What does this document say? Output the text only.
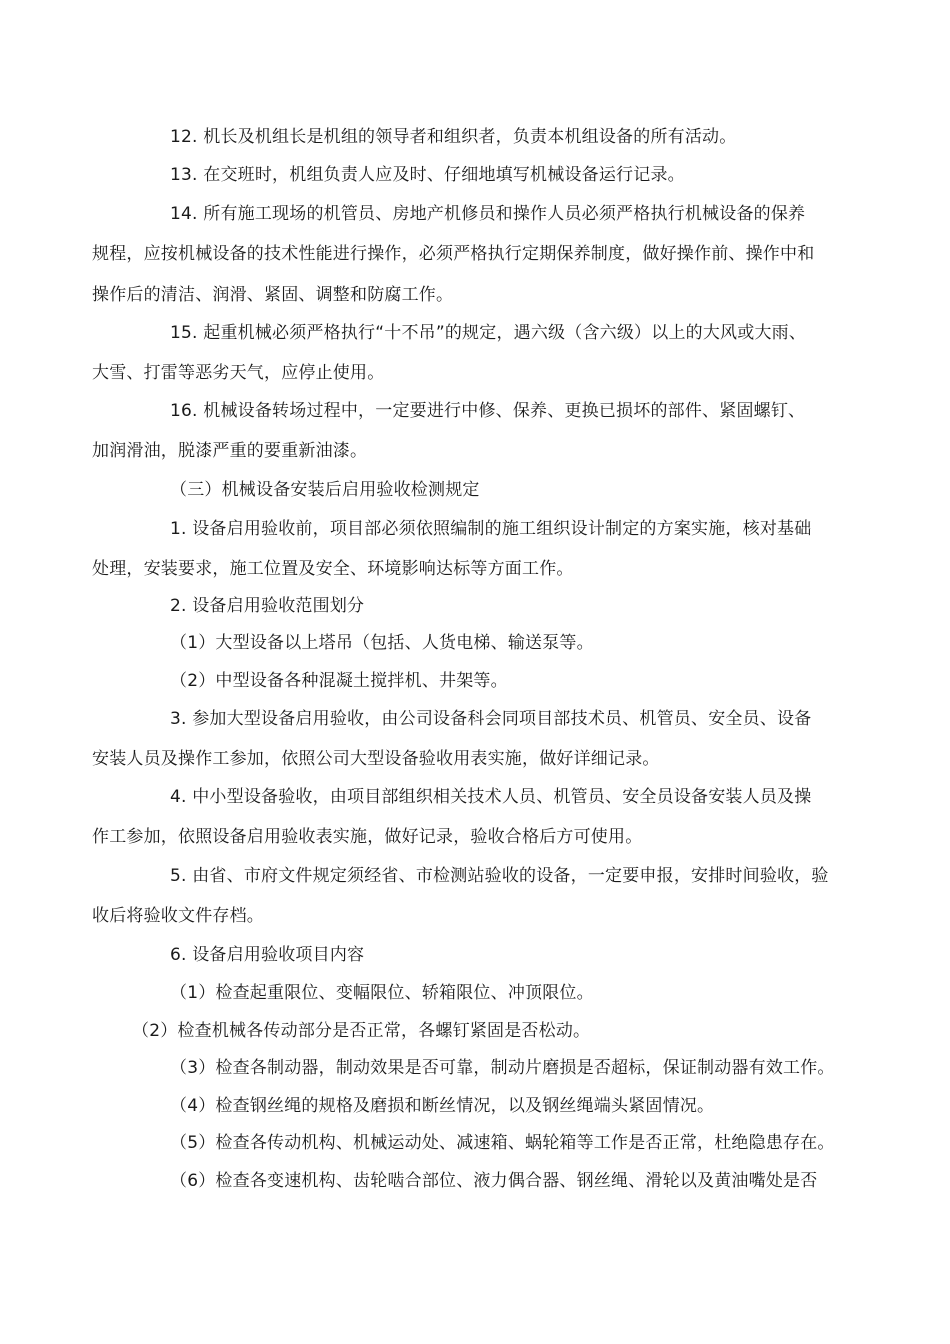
12. 机长及机组长是机组的领导者和组织者，负责本机组设备的所有活动。
13. 在交班时，机组负责人应及时、仔细地填写机械设备运行记录。
14. 所有施工现场的机管员、房地产机修员和操作人员必须严格执行机械设备的保养
规程，应按机械设备的技术性能进行操作，必须严格执行定期保养制度，做好操作前、操作中和
操作后的清洁、润滑、紧固、调整和防腐工作。
15. 起重机械必须严格执行“十不吊”的规定，遇六级（含六级）以上的大风或大雨、
大雪、打雷等恶劣天气，应停止使用。
16. 机械设备转场过程中，一定要进行中修、保养、更换已损坏的部件、紧固螺钉、
加润滑油，脱漆严重的要重新油漆。
（三）机械设备安装后启用验收检测规定
1. 设备启用验收前，项目部必须依照编制的施工组织设计制定的方案实施，核对基础
处理，安装要求，施工位置及安全、环境影响达标等方面工作。
2. 设备启用验收范围划分
（1）大型设备以上塔吊（包括、人货电梯、输送泵等。
（2）中型设备各种混凝土搅拌机、井架等。
3. 参加大型设备启用验收，由公司设备科会同项目部技术员、机管员、安全员、设备
安装人员及操作工参加，依照公司大型设备验收用表实施，做好详细记录。
4. 中小型设备验收，由项目部组织相关技术人员、机管员、安全员设备安装人员及操
作工参加，依照设备启用验收表实施，做好记录，验收合格后方可使用。
5. 由省、市府文件规定须经省、市检测站验收的设备，一定要申报，安排时间验收，验
收后将验收文件存档。
6. 设备启用验收项目内容
（1）检查起重限位、变幅限位、轿箱限位、冲顶限位。
（2）检查机械各传动部分是否正常，各螺钉紧固是否松动。
（3）检查各制动器，制动效果是否可靠，制动片磨损是否超标，保证制动器有效工作。
（4）检查钢丝绳的规格及磨损和断丝情况，以及钢丝绳端头紧固情况。
（5）检查各传动机构、机械运动处、减速箱、蜗轮箱等工作是否正常，杜绝隐患存在。
（6）检查各变速机构、齿轮啮合部位、液力偶合器、钢丝绳、滑轮以及黄油嘴处是否
